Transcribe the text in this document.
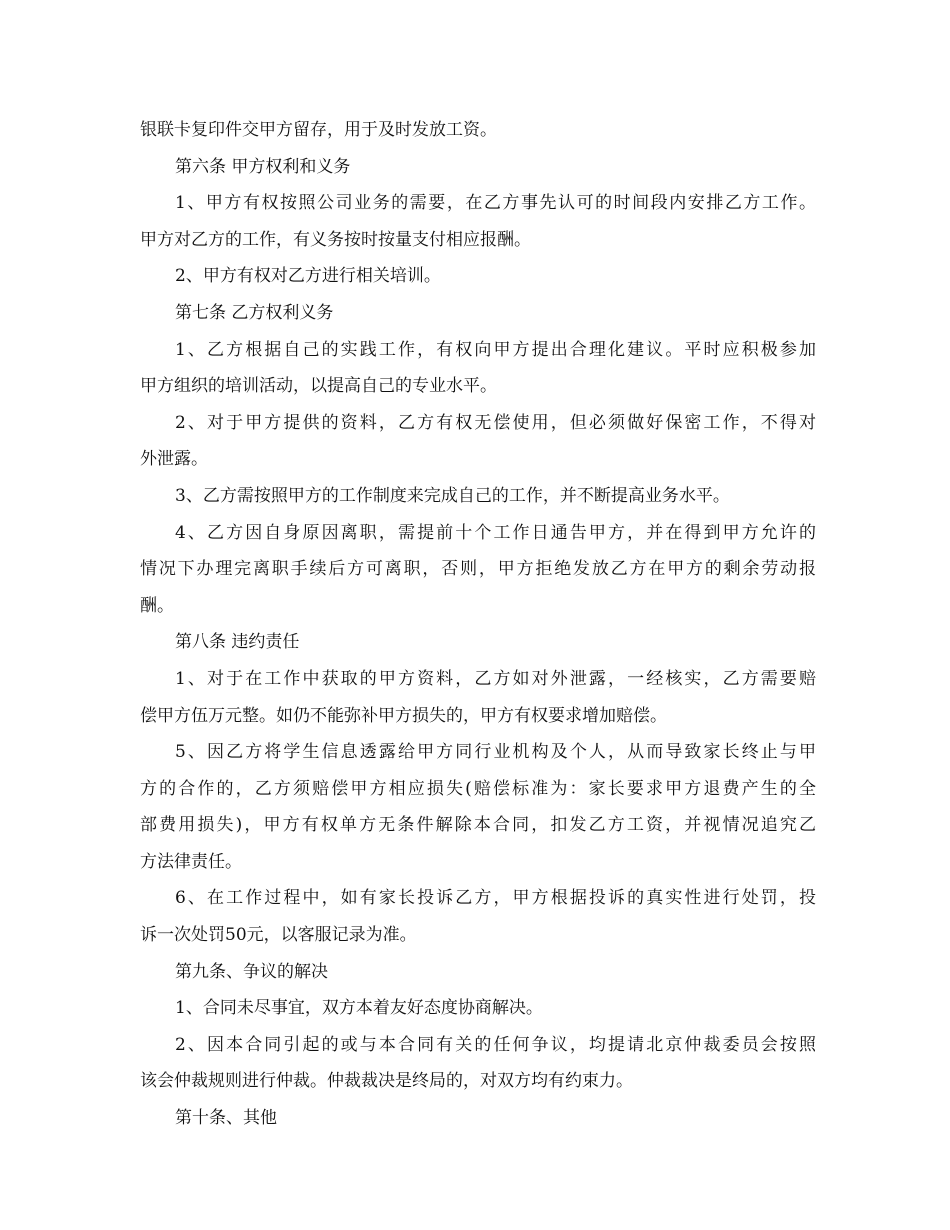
银联卡复印件交甲方留存，用于及时发放工资。
第六条 甲方权利和义务
1、甲方有权按照公司业务的需要，在乙方事先认可的时间段内安排乙方工作。
甲方对乙方的工作，有义务按时按量支付相应报酬。
2、甲方有权对乙方进行相关培训。
第七条 乙方权利义务
1、乙方根据自己的实践工作，有权向甲方提出合理化建议。平时应积极参加
甲方组织的培训活动，以提高自己的专业水平。
2、对于甲方提供的资料，乙方有权无偿使用，但必须做好保密工作，不得对
外泄露。
3、乙方需按照甲方的工作制度来完成自己的工作，并不断提高业务水平。
4、乙方因自身原因离职，需提前十个工作日通告甲方，并在得到甲方允许的
情况下办理完离职手续后方可离职，否则，甲方拒绝发放乙方在甲方的剩余劳动报
酬。
第八条 违约责任
1、对于在工作中获取的甲方资料，乙方如对外泄露，一经核实，乙方需要赔
偿甲方伍万元整。如仍不能弥补甲方损失的，甲方有权要求增加赔偿。
5、因乙方将学生信息透露给甲方同行业机构及个人，从而导致家长终止与甲
方的合作的，乙方须赔偿甲方相应损失(赔偿标准为：家长要求甲方退费产生的全
部费用损失)，甲方有权单方无条件解除本合同，扣发乙方工资，并视情况追究乙
方法律责任。
6、在工作过程中，如有家长投诉乙方，甲方根据投诉的真实性进行处罚，投
诉一次处罚50元，以客服记录为准。
第九条、争议的解决
1、合同未尽事宜，双方本着友好态度协商解决。
2、因本合同引起的或与本合同有关的任何争议，均提请北京仲裁委员会按照
该会仲裁规则进行仲裁。仲裁裁决是终局的，对双方均有约束力。
第十条、其他
